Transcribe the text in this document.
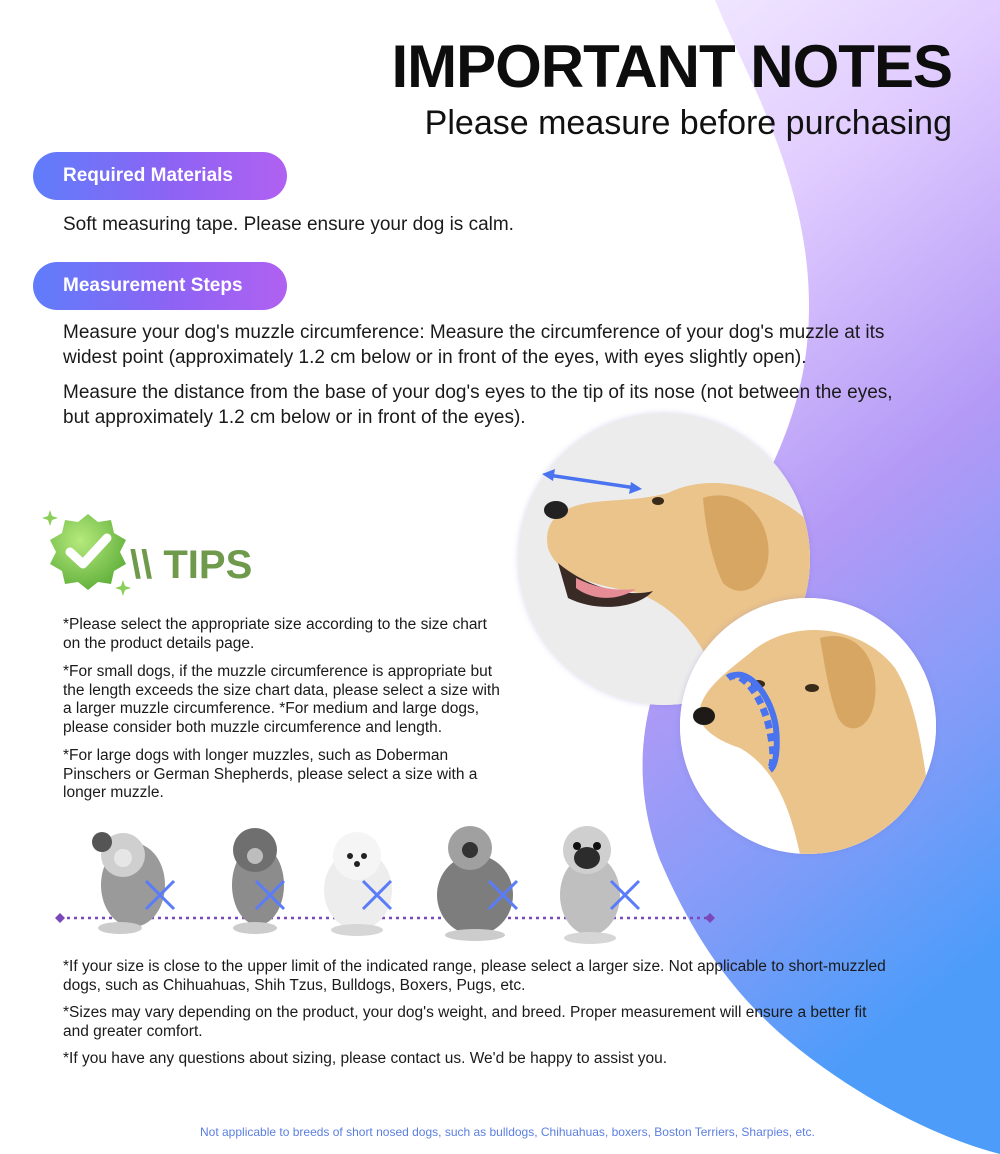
IMPORTANT NOTES
Please measure before purchasing
Required Materials
Soft measuring tape. Please ensure your dog is calm.
Measurement Steps
Measure your dog's muzzle circumference: Measure the circumference of your dog's muzzle at its
widest point (approximately 1.2 cm below or in front of the eyes, with eyes slightly open).
Measure the distance from the base of your dog's eyes to the tip of its nose (not between the eyes,
but approximately 1.2 cm below or in front of the eyes).
\\ TIPS
*Please select the appropriate size according to the size chart
on the product details page.
*For small dogs, if the muzzle circumference is appropriate but
the length exceeds the size chart data, please select a size with
a larger muzzle circumference. *For medium and large dogs,
please consider both muzzle circumference and length.
*For large dogs with longer muzzles, such as Doberman
Pinschers or German Shepherds, please select a size with a
longer muzzle.
*If your size is close to the upper limit of the indicated range, please select a larger size. Not applicable to short-muzzled
dogs, such as Chihuahuas, Shih Tzus, Bulldogs, Boxers, Pugs, etc.
*Sizes may vary depending on the product, your dog's weight, and breed. Proper measurement will ensure a better fit
and greater comfort.
*If you have any questions about sizing, please contact us. We'd be happy to assist you.
Not applicable to breeds of short nosed dogs, such as bulldogs, Chihuahuas, boxers, Boston Terriers, Sharpies, etc.
